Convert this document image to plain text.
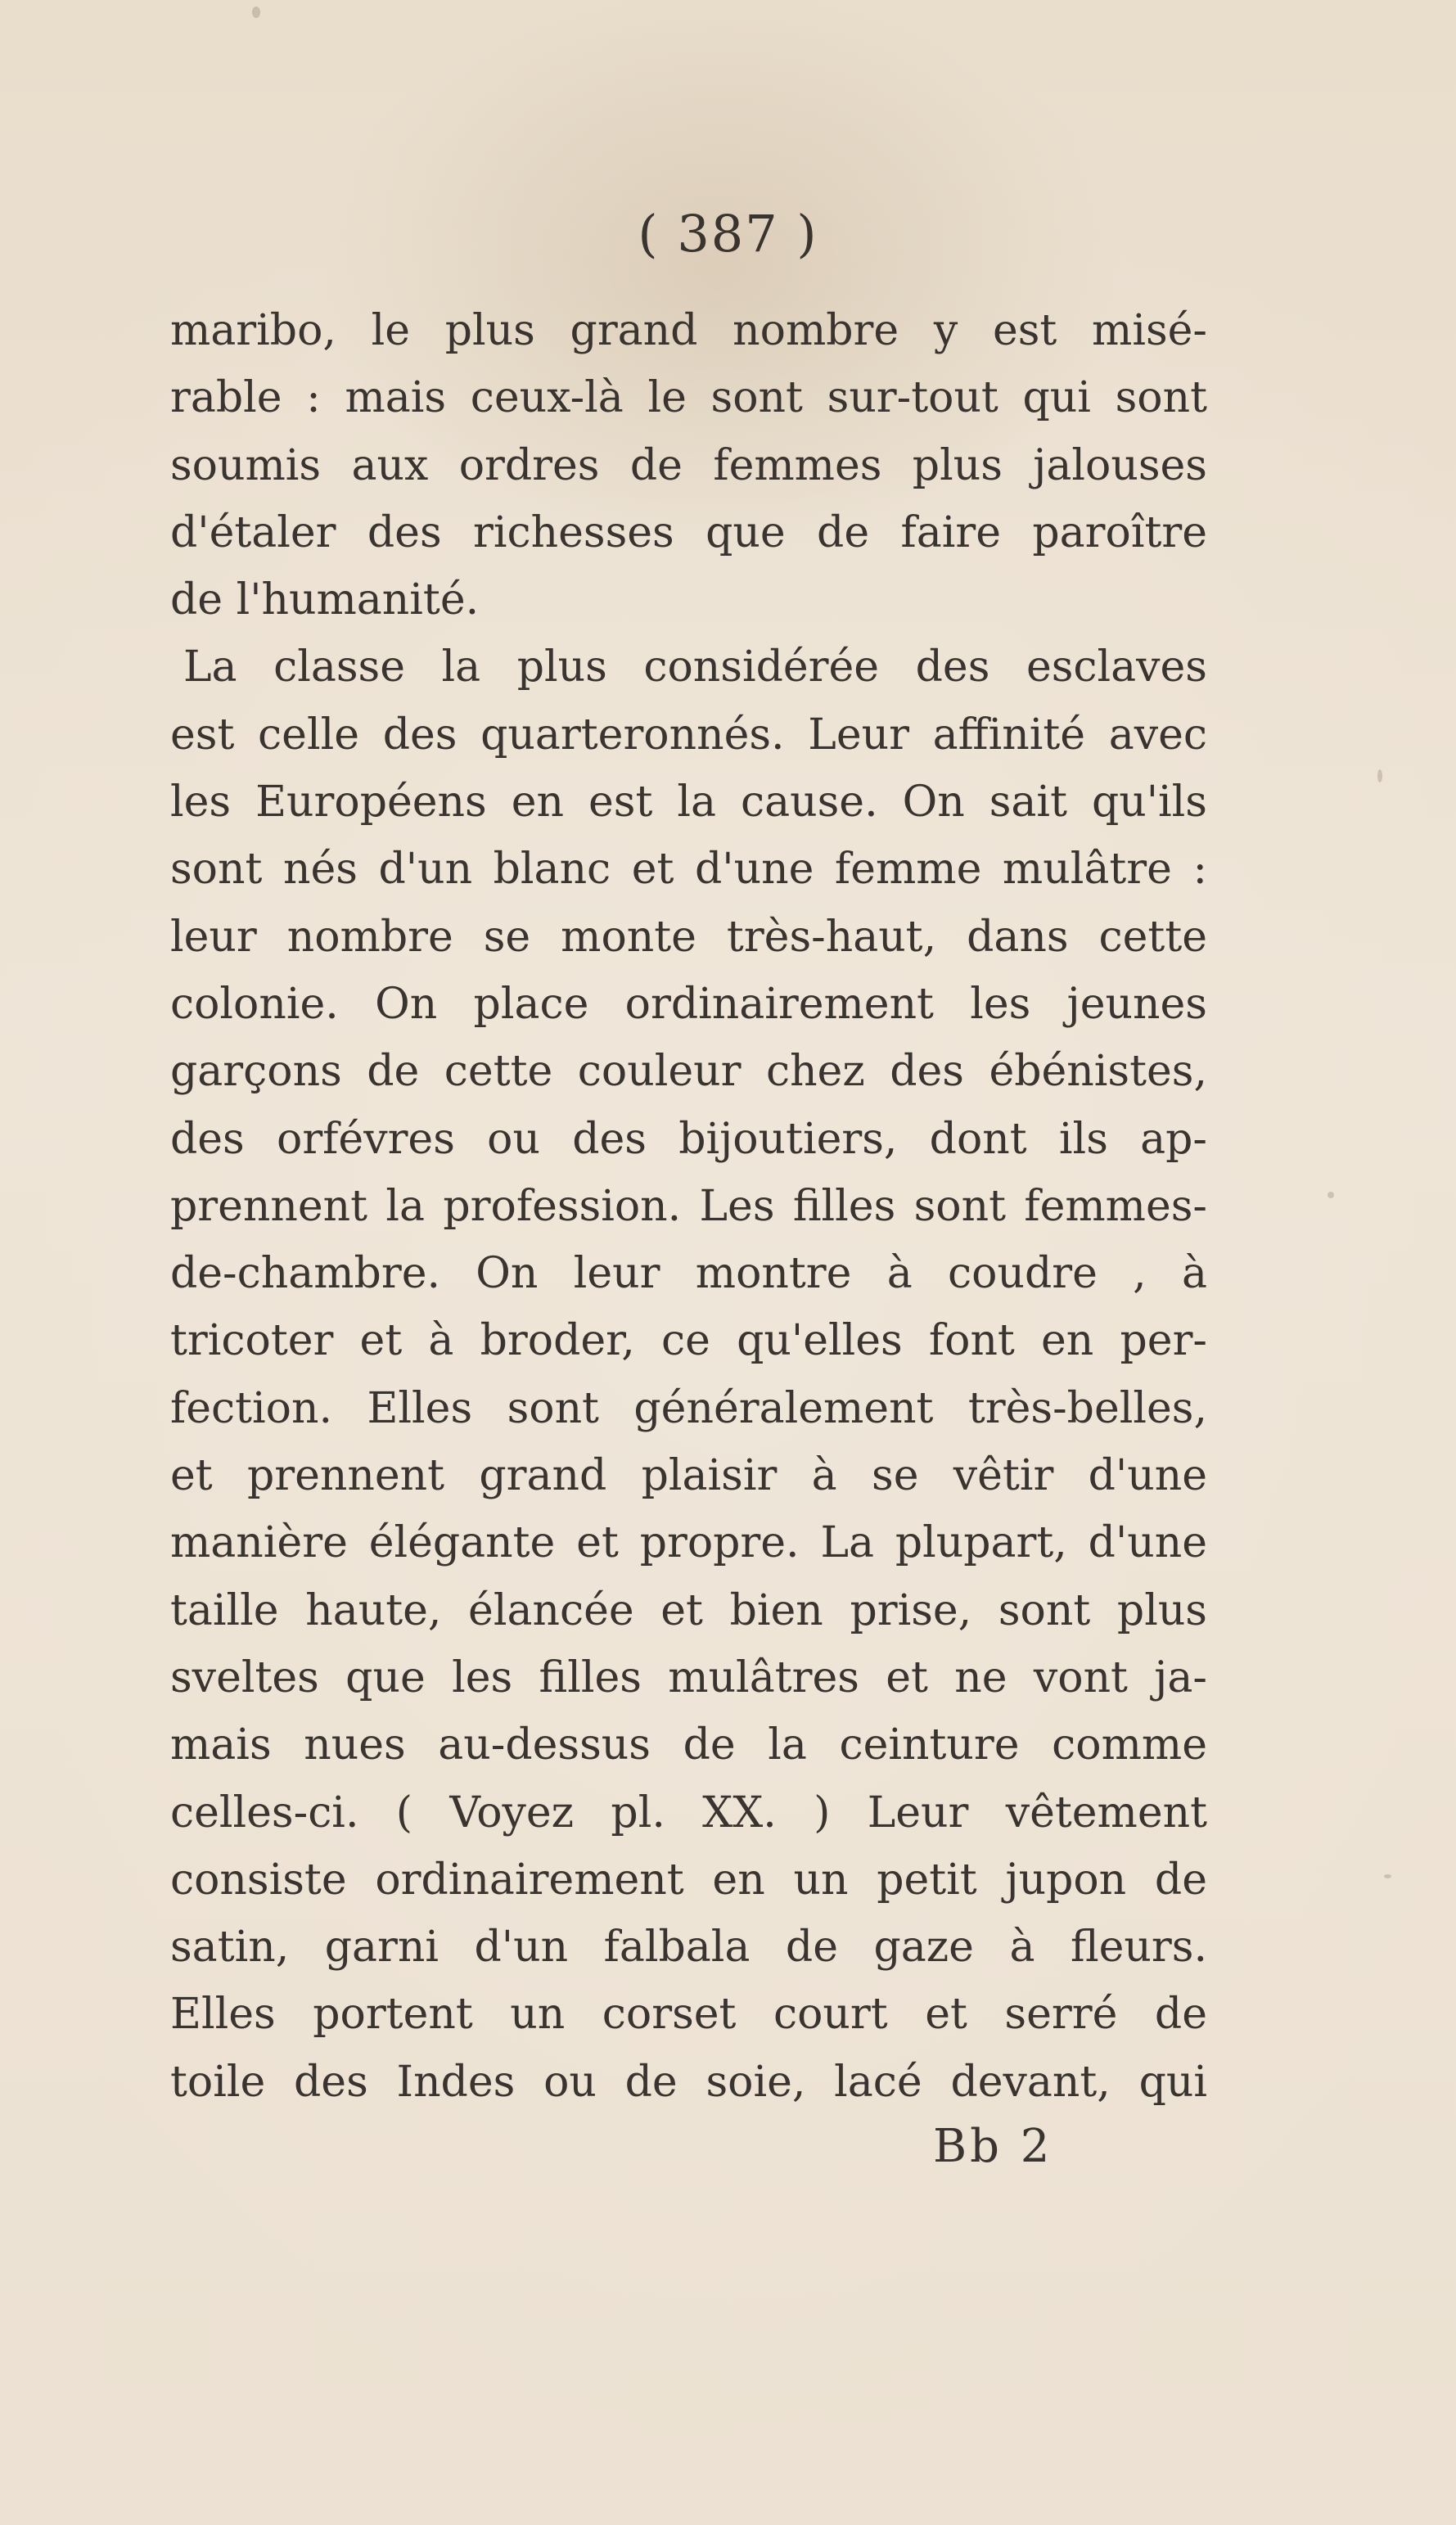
( 387 )
maribo, le plus grand nombre y est misé-
rable : mais ceux-là le sont sur-tout qui sont
soumis aux ordres de femmes plus jalouses
d'étaler des richesses que de faire paroître
de l'humanité.
La classe la plus considérée des esclaves
est celle des quarteronnés. Leur affinité avec
les Européens en est la cause. On sait qu'ils
sont nés d'un blanc et d'une femme mulâtre :
leur nombre se monte très-haut, dans cette
colonie. On place ordinairement les jeunes
garçons de cette couleur chez des ébénistes,
des orfévres ou des bijoutiers, dont ils ap-
prennent la profession. Les filles sont femmes-
de-chambre. On leur montre à coudre , à
tricoter et à broder, ce qu'elles font en per-
fection. Elles sont généralement très-belles,
et prennent grand plaisir à se vêtir d'une
manière élégante et propre. La plupart, d'une
taille haute, élancée et bien prise, sont plus
sveltes que les filles mulâtres et ne vont ja-
mais nues au-dessus de la ceinture comme
celles-ci. ( Voyez pl. XX. ) Leur vêtement
consiste ordinairement en un petit jupon de
satin, garni d'un falbala de gaze à fleurs.
Elles portent un corset court et serré de
toile des Indes ou de soie, lacé devant, qui
Bb 2
